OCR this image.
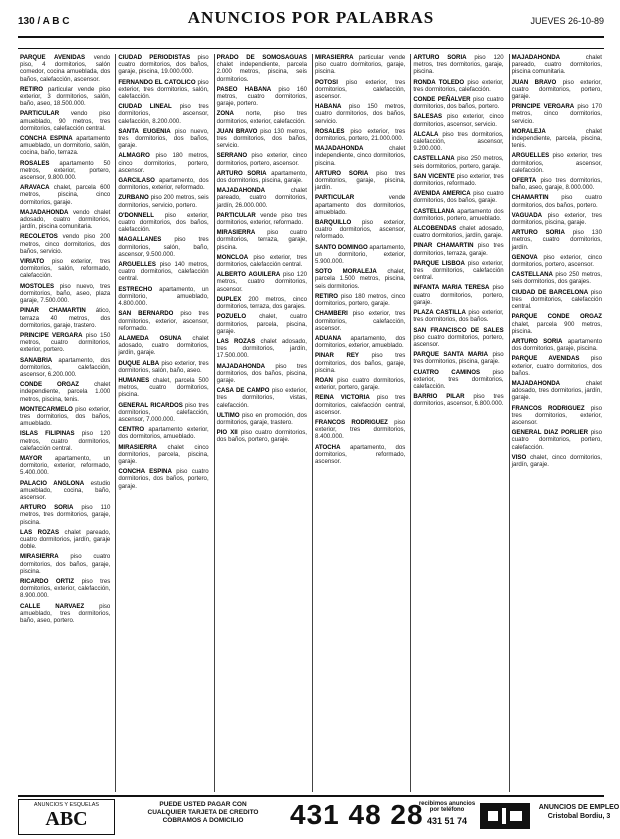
130 / A B C	ANUNCIOS POR PALABRAS	JUEVES 26-10-89

PARQUE AVENIDAS vendo piso, 4 dormitorios, salón comedor, cocina amueblada, dos baños, calefacción, ascensor.

RETIRO particular vende piso exterior, 3 dormitorios, salón, baño, aseo, 18.500.000.

PARTICULAR vendo piso amueblado, 90 metros, tres dormitorios, calefacción central.

CONCHA ESPINA apartamento amueblado, un dormitorio, salón, cocina, baño, terraza.

ROSALES apartamento 50 metros, exterior, portero, ascensor, 9.800.000.

ARAVACA chalet, parcela 600 metros, piscina, cinco dormitorios, garaje.

MAJADAHONDA vendo chalet adosado, cuatro dormitorios, jardín, piscina comunitaria.

RECOLETOS vendo piso 200 metros, cinco dormitorios, dos baños, servicio.

VIRIATO piso exterior, tres dormitorios, salón, reformado, calefacción.

MOSTOLES piso nuevo, tres dormitorios, baño, aseo, plaza garaje, 7.500.000.

PINAR CHAMARTIN ático, terraza 40 metros, dos dormitorios, garaje, trastero.

PRINCIPE VERGARA piso 150 metros, cuatro dormitorios, exterior, portero.

SANABRIA apartamento, dos dormitorios, calefacción, ascensor, 6.200.000.

CONDE ORGAZ chalet independiente, parcela 1.000 metros, piscina, tenis.

MONTECARMELO piso exterior, tres dormitorios, dos baños, amueblado.

ISLAS FILIPINAS piso 120 metros, cuatro dormitorios, calefacción central.

MAYOR apartamento, un dormitorio, exterior, reformado, 5.400.000.

PALACIO ANGLONA estudio amueblado, cocina, baño, ascensor.

ARTURO SORIA piso 110 metros, tres dormitorios, garaje, piscina.

LAS ROZAS chalet pareado, cuatro dormitorios, jardín, garaje doble.

MIRASIERRA piso cuatro dormitorios, dos baños, garaje, piscina.

RICARDO ORTIZ piso tres dormitorios, exterior, calefacción, 8.900.000.

CALLE NARVAEZ piso amueblado, tres dormitorios, baño, aseo, portero.

CIUDAD PERIODISTAS piso cuatro dormitorios, dos baños, garaje, piscina, 19.000.000.

FERNANDO EL CATOLICO piso exterior, tres dormitorios, salón, calefacción.

CIUDAD LINEAL piso tres dormitorios, ascensor, calefacción, 8.200.000.

SANTA EUGENIA piso nuevo, tres dormitorios, dos baños, garaje.

ALMAGRO piso 180 metros, cinco dormitorios, portero, ascensor.

GARCILASO apartamento, dos dormitorios, exterior, reformado.

ZURBANO piso 200 metros, seis dormitorios, servicio, portero.

O'DONNELL piso exterior, cuatro dormitorios, dos baños, calefacción.

MAGALLANES piso tres dormitorios, salón, baño, ascensor, 9.500.000.

ARGUELLES piso 140 metros, cuatro dormitorios, calefacción central.

ESTRECHO apartamento, un dormitorio, amueblado, 4.800.000.

SAN BERNARDO piso tres dormitorios, exterior, ascensor, reformado.

ALAMEDA OSUNA chalet adosado, cuatro dormitorios, jardín, garaje.

DUQUE ALBA piso exterior, tres dormitorios, salón, baño, aseo.

HUMANES chalet, parcela 500 metros, cuatro dormitorios, piscina.

GENERAL RICARDOS piso tres dormitorios, calefacción, ascensor, 7.000.000.

CENTRO apartamento exterior, dos dormitorios, amueblado.

MIRASIERRA chalet cinco dormitorios, parcela, piscina, garaje.

CONCHA ESPINA piso cuatro dormitorios, dos baños, portero, garaje.

PRADO DE SOMOSAGUAS chalet independiente, parcela 2.000 metros, piscina, seis dormitorios.

PASEO HABANA piso 160 metros, cuatro dormitorios, garaje, portero.

ZONA norte, piso tres dormitorios, exterior, calefacción.

JUAN BRAVO piso 130 metros, tres dormitorios, dos baños, servicio.

SERRANO piso exterior, cinco dormitorios, portero, ascensor.

ARTURO SORIA apartamento, dos dormitorios, piscina, garaje.

MAJADAHONDA	chalet pareado, cuatro dormitorios, jardín, 26.000.000.

PARTICULAR vende piso tres dormitorios, exterior, reformado.

MIRASIERRA piso cuatro dormitorios, terraza, garaje, piscina.

MONCLOA piso exterior, tres dormitorios, calefacción central.

ALBERTO AGUILERA piso 120 metros, cuatro dormitorios, ascensor.

DUPLEX 200 metros, cinco dormitorios, terraza, dos garajes.

POZUELO chalet, cuatro dormitorios, parcela, piscina, garaje.

LAS ROZAS chalet adosado, tres dormitorios, jardín, 17.500.000.

MAJADAHONDA piso tres dormitorios, dos baños, piscina, garaje.

CASA DE CAMPO piso exterior, tres dormitorios, vistas, calefacción.

ULTIMO piso en promoción, dos dormitorios, garaje, trastero.

PIO XII piso cuatro dormitorios, dos baños, portero, garaje.

MIRASIERRA particular vende piso cuatro dormitorios, garaje, piscina.

POTOSI piso exterior, tres dormitorios, calefacción, ascensor.

HABANA piso 150 metros, cuatro dormitorios, dos baños, servicio.

ROSALES piso exterior, tres dormitorios, portero, 21.000.000.

MAJADAHONDA	chalet independiente, cinco dormitorios, piscina.

ARTURO SORIA piso tres dormitorios, garaje, piscina, jardín.

PARTICULAR	vende apartamento dos dormitorios, amueblado.

BARQUILLO piso exterior, cuatro dormitorios, ascensor, reformado.

SANTO DOMINGO apartamento, un dormitorio, exterior, 5.900.000.

SOTO MORALEJA chalet, parcela 1.500 metros, piscina, seis dormitorios.

RETIRO piso 180 metros, cinco dormitorios, portero, garaje.

CHAMBERI piso exterior, tres dormitorios, calefacción, ascensor.

ADUANA apartamento, dos dormitorios, exterior, amueblado.

PINAR REY piso tres dormitorios, dos baños, garaje, piscina.

ROAN piso cuatro dormitorios, exterior, portero, garaje.

REINA VICTORIA piso tres dormitorios, calefacción central, ascensor.

FRANCOS RODRIGUEZ piso exterior, tres dormitorios, 8.400.000.

ATOCHA apartamento, dos dormitorios, reformado, ascensor.

ARTURO SORIA piso 120 metros, tres dormitorios, garaje, piscina.

RONDA TOLEDO piso exterior, tres dormitorios, calefacción.

CONDE PEÑALVER piso cuatro dormitorios, dos baños, portero.

SALESAS piso exterior, cinco dormitorios, ascensor, servicio.

ALCALA piso tres dormitorios, calefacción, ascensor, 9.200.000.

CASTELLANA piso 250 metros, seis dormitorios, portero, garaje.

SAN VICENTE piso exterior, tres dormitorios, reformado.

AVENIDA AMERICA piso cuatro dormitorios, dos baños, garaje.

CASTELLANA apartamento dos dormitorios, portero, amueblado.

ALCOBENDAS chalet adosado, cuatro dormitorios, jardín, garaje.

PINAR CHAMARTIN piso tres dormitorios, terraza, garaje.

PARQUE LISBOA piso exterior, tres dormitorios, calefacción central.

INFANTA MARIA TERESA piso cuatro dormitorios, portero, garaje.

PLAZA CASTILLA piso exterior, tres dormitorios, dos baños.

SAN FRANCISCO DE SALES piso cuatro dormitorios, portero, ascensor.

PARQUE SANTA MARIA piso tres dormitorios, piscina, garaje.

CUATRO CAMINOS piso exterior, tres dormitorios, calefacción.

BARRIO PILAR piso tres dormitorios, ascensor, 6.800.000.

MAJADAHONDA	chalet pareado, cuatro dormitorios, piscina comunitaria.

JUAN BRAVO piso exterior, cuatro dormitorios, portero, garaje.

PRINCIPE VERGARA piso 170 metros, cinco dormitorios, servicio.

MORALEJA	chalet independiente, parcela, piscina, tenis.

ARGUELLES piso exterior, tres dormitorios, ascensor, calefacción.

OFERTA piso tres dormitorios, baño, aseo, garaje, 8.000.000.

CHAMARTIN piso cuatro dormitorios, dos baños, portero.

VAGUADA piso exterior, tres dormitorios, piscina, garaje.

ARTURO SORIA piso 130 metros, cuatro dormitorios, jardín.

GENOVA piso exterior, cinco dormitorios, portero, ascensor.

CASTELLANA piso 250 metros, seis dormitorios, dos garajes.

CIUDAD DE BARCELONA piso tres dormitorios, calefacción central.

PARQUE CONDE ORGAZ chalet, parcela 900 metros, piscina.

ARTURO SORIA apartamento dos dormitorios, garaje, piscina.

PARQUE AVENIDAS piso exterior, cuatro dormitorios, dos baños.

MAJADAHONDA	chalet adosado, tres dormitorios, jardín, garaje.

FRANCOS RODRIGUEZ piso tres dormitorios, exterior, ascensor.

GENERAL DIAZ PORLIER piso cuatro dormitorios, portero, calefacción.

VISO chalet, cinco dormitorios, jardín, garaje.

ANUNCIOS Y ESQUELAS
ABC
PUEDE USTED PAGAR CON
CUALQUIER TARJETA DE CREDITO
COBRAMOS A DOMICILIO	431 48 28
recibimos anuncios por teléfono
431 51 74
ANUNCIOS DE EMPLEO
Cristobal Bordiu, 3
